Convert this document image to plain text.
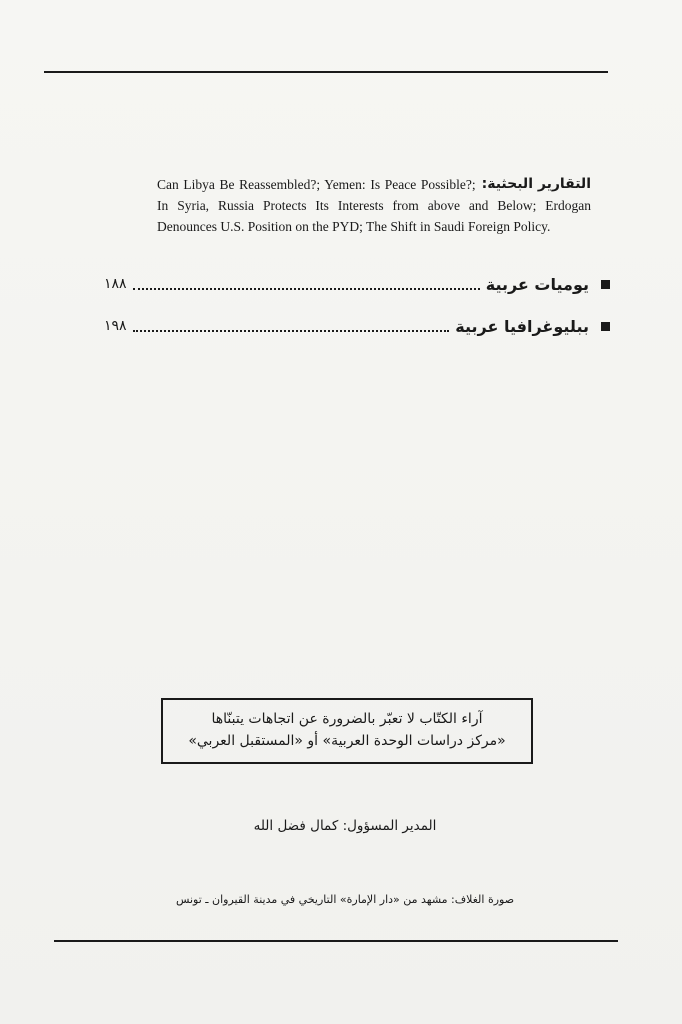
التقارير البحثية:
Can Libya Be Reassembled?; Yemen: Is Peace Possible?; In Syria, Russia Protects Its Interests from above and Below; Erdogan Denounces U.S. Position on the PYD; The Shift in Saudi Foreign Policy.
يوميات عربية
١٨٨
ببليوغرافيا عربية
١٩٨
آراء الكتّاب لا تعبّر بالضرورة عن اتجاهات يتبنّاها
«مركز دراسات الوحدة العربية» أو «المستقبل العربي»
المدير المسؤول: كمال فضل الله
صورة الغلاف: مشهد من «دار الإمارة» التاريخي في مدينة القيروان ـ تونس
